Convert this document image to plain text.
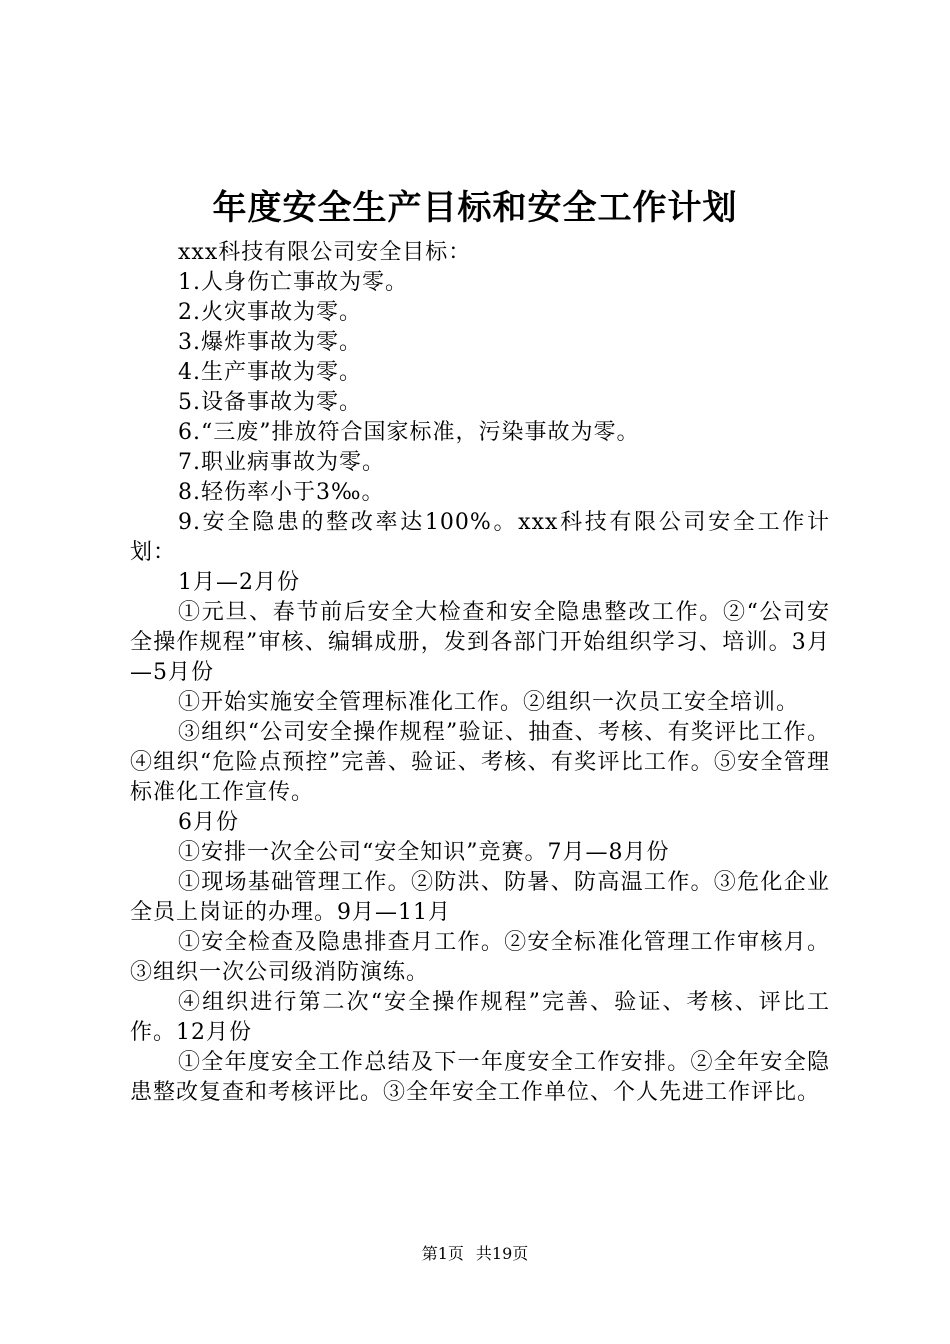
年度安全生产目标和安全工作计划

xxx科技有限公司安全目标：

1.人身伤亡事故为零。

2.火灾事故为零。

3.爆炸事故为零。

4.生产事故为零。

5.设备事故为零。

6.“三废”排放符合国家标准，污染事故为零。

7.职业病事故为零。

8.轻伤率小于3‰。

9.安全隐患的整改率达100%。xxx科技有限公司安全工作计划：

1月—2月份

①元旦、春节前后安全大检查和安全隐患整改工作。②“公司安全操作规程”审核、编辑成册，发到各部门开始组织学习、培训。3月—5月份

①开始实施安全管理标准化工作。②组织一次员工安全培训。

③组织“公司安全操作规程”验证、抽查、考核、有奖评比工作。④组织“危险点预控”完善、验证、考核、有奖评比工作。⑤安全管理标准化工作宣传。

6月份

①安排一次全公司“安全知识”竞赛。7月—8月份

①现场基础管理工作。②防洪、防暑、防高温工作。③危化企业全员上岗证的办理。9月—11月

①安全检查及隐患排查月工作。②安全标准化管理工作审核月。③组织一次公司级消防演练。

④组织进行第二次“安全操作规程”完善、验证、考核、评比工作。12月份

①全年度安全工作总结及下一年度安全工作安排。②全年安全隐患整改复查和考核评比。③全年安全工作单位、个人先进工作评比。

第1页 共19页
